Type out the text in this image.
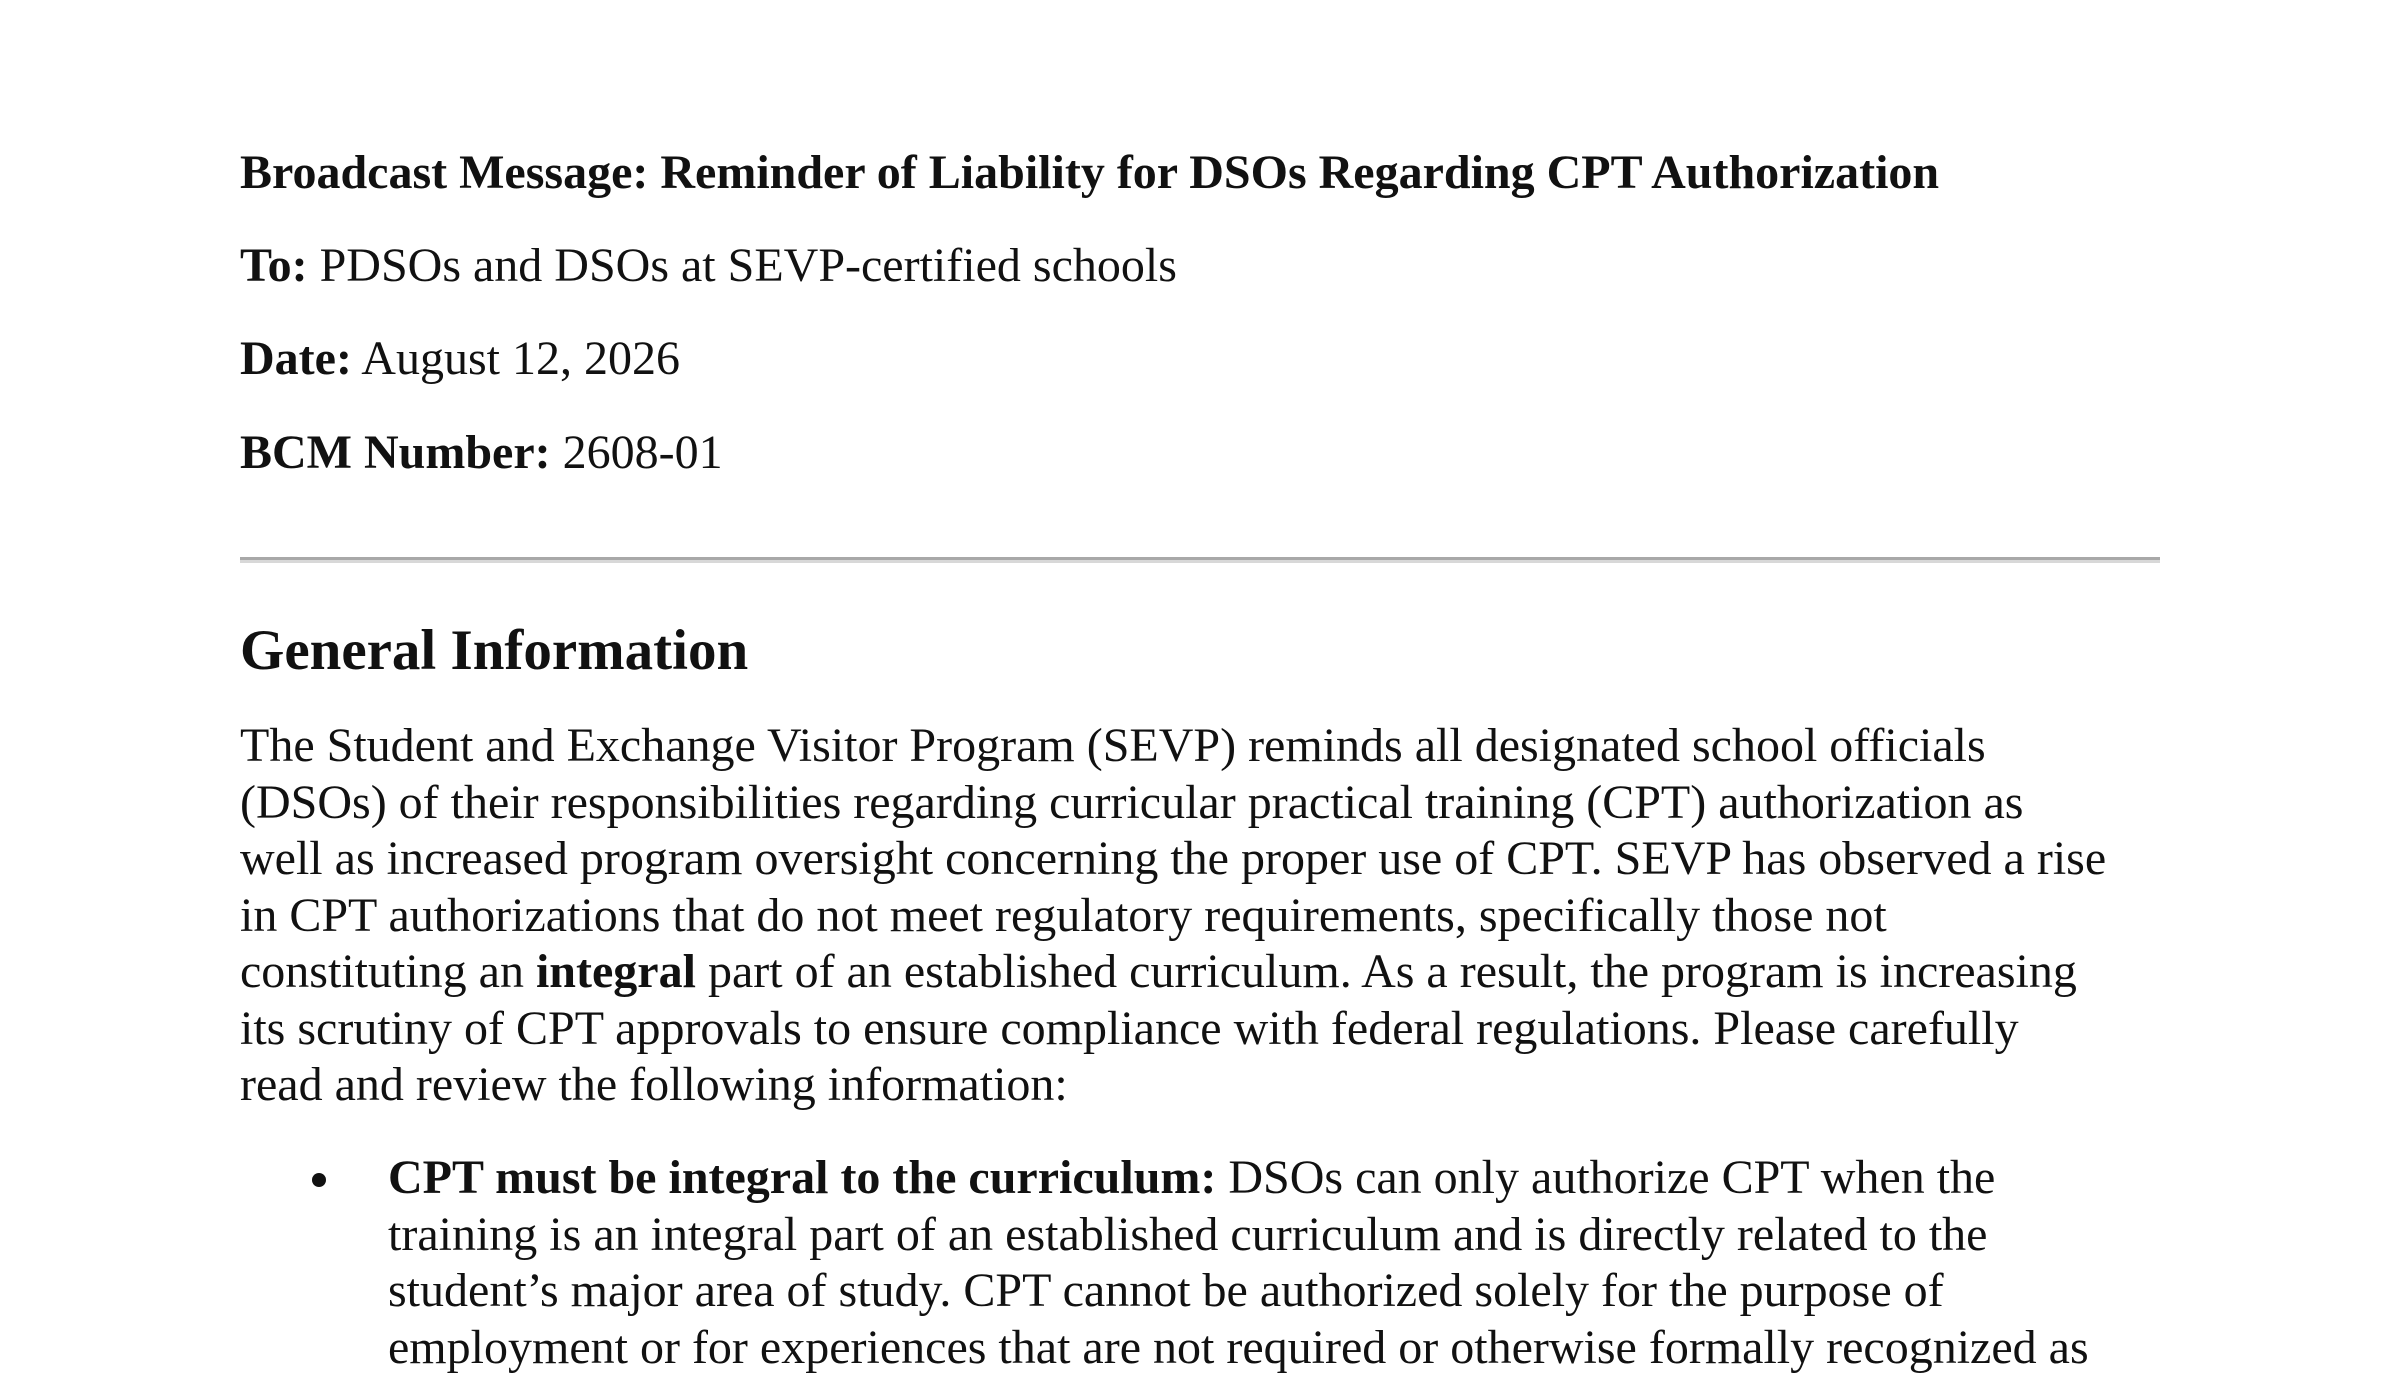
Broadcast Message: Reminder of Liability for DSOs Regarding CPT Authorization
To: PDSOs and DSOs at SEVP-certified schools
Date: August 12, 2026
BCM Number: 2608-01
General Information
The Student and Exchange Visitor Program (SEVP) reminds all designated school officials
(DSOs) of their responsibilities regarding curricular practical training (CPT) authorization as
well as increased program oversight concerning the proper use of CPT. SEVP has observed a rise
in CPT authorizations that do not meet regulatory requirements, specifically those not
constituting an integral part of an established curriculum. As a result, the program is increasing
its scrutiny of CPT approvals to ensure compliance with federal regulations. Please carefully
read and review the following information:
CPT must be integral to the curriculum: DSOs can only authorize CPT when the
training is an integral part of an established curriculum and is directly related to the
student’s major area of study. CPT cannot be authorized solely for the purpose of
employment or for experiences that are not required or otherwise formally recognized as
